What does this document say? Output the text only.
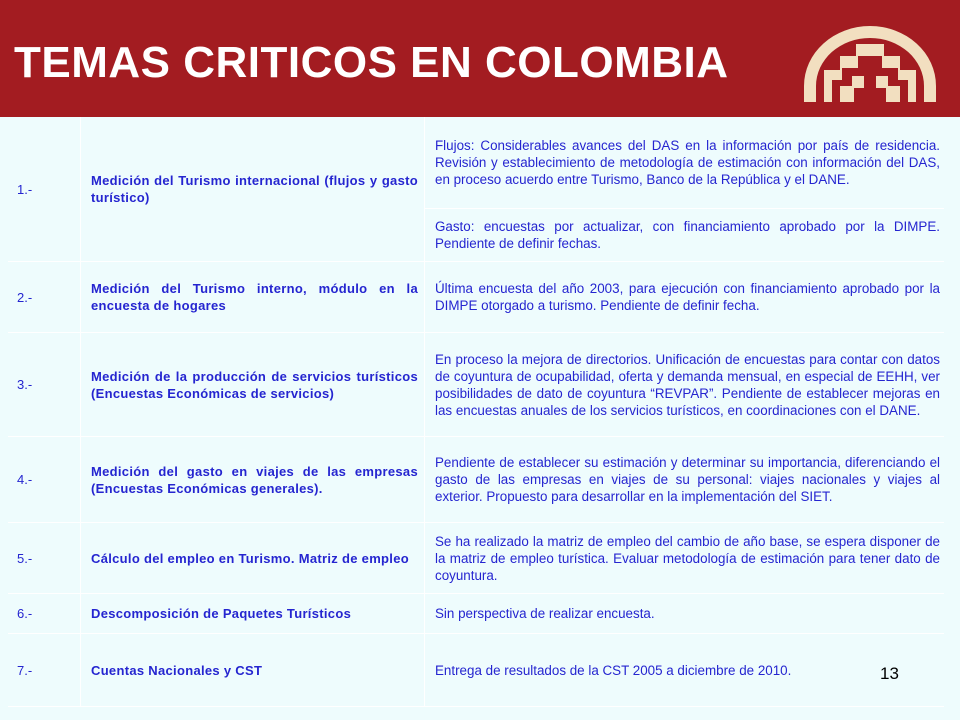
TEMAS CRITICOS EN COLOMBIA
1.-	Medición del Turismo internacional (flujos y gasto turístico)	Flujos: Considerables avances del DAS en la información por país de residencia. Revisión y establecimiento de metodología de estimación con información del DAS, en proceso acuerdo entre Turismo, Banco de la República y el DANE.
		Gasto: encuestas por actualizar, con financiamiento aprobado por la DIMPE. Pendiente de definir fechas.
2.-	Medición del Turismo interno, módulo en la encuesta de hogares	Última encuesta del año 2003, para ejecución con financiamiento aprobado por la DIMPE otorgado a turismo. Pendiente de definir fecha.
3.-	Medición de la producción de servicios turísticos (Encuestas Económicas de servicios)	En proceso la mejora de directorios. Unificación de encuestas para contar con datos de coyuntura de ocupabilidad, oferta y demanda mensual, en especial de EEHH, ver posibilidades de dato de coyuntura “REVPAR”. Pendiente de establecer mejoras en las encuestas anuales de los servicios turísticos, en coordinaciones con el DANE.
4.-	Medición del gasto en viajes de las empresas (Encuestas Económicas generales).	Pendiente de establecer su estimación y determinar su importancia, diferenciando el gasto de las empresas en viajes de su personal: viajes nacionales y viajes al exterior. Propuesto para desarrollar en la implementación del SIET.
5.-	Cálculo del empleo en Turismo. Matriz de empleo	Se ha realizado la matriz de empleo del cambio de año base, se espera disponer de la matriz de empleo turística. Evaluar metodología de estimación para tener dato de coyuntura.
6.-	Descomposición de Paquetes Turísticos	Sin perspectiva de realizar encuesta.
7.-	Cuentas Nacionales y CST	Entrega de resultados de la CST 2005 a diciembre de 2010.	13
